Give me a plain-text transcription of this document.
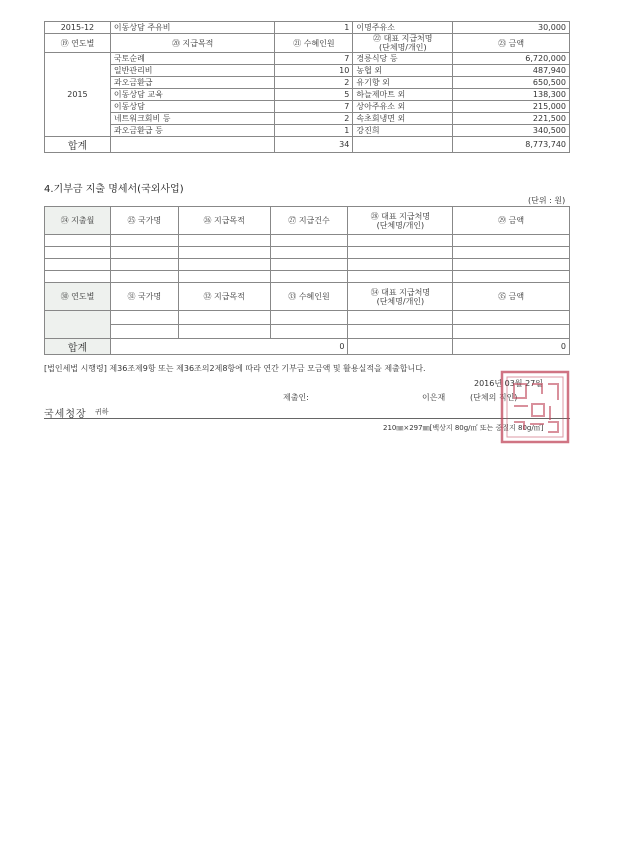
2015-12	이동상담 주유비	1	이명주유소	30,000
⑲ 연도별	⑳ 지급목적	㉑ 수혜인원	㉒ 대표 지급처명
(단체명/개인)	㉓ 금액
2015	국토순례	7	경릉식당 등	6,720,000
	일반관리비	10	농협 외	487,940
	과오금환급	2	유기향 외	650,500
	이동상담 교육	5	하늘제마트 외	138,300
	이동상담	7	상아주유소 외	215,000
	네트워크회비 등	2	속초회냉면 외	221,500
	과오금환급 등	1	강진희	340,500
합계		34		8,773,740
4.기부금 지출 명세서(국외사업)
(단위 : 원)
㉔ 지출월	㉕ 국가명	㉖ 지급목적	㉗ 지급건수	㉘ 대표 지급처명
(단체명/개인)	㉙ 금액

㉚ 연도별	㉛ 국가명	㉜ 지급목적	㉝ 수혜인원	㉞ 대표 지급처명
(단체명/개인)	㉟ 금액

합계	0				0
[법인세법 시행령] 제36조제9항 또는 제36조의2제8항에 따라 연간 기부금 모금액 및 활용실적을 제출합니다.
2016년 03월 27일
제출인:	이은재	(단체의 직인)
국세청장 귀하
210㎜×297㎜[백상지 80g/㎡ 또는 중질지 80g/㎡]
